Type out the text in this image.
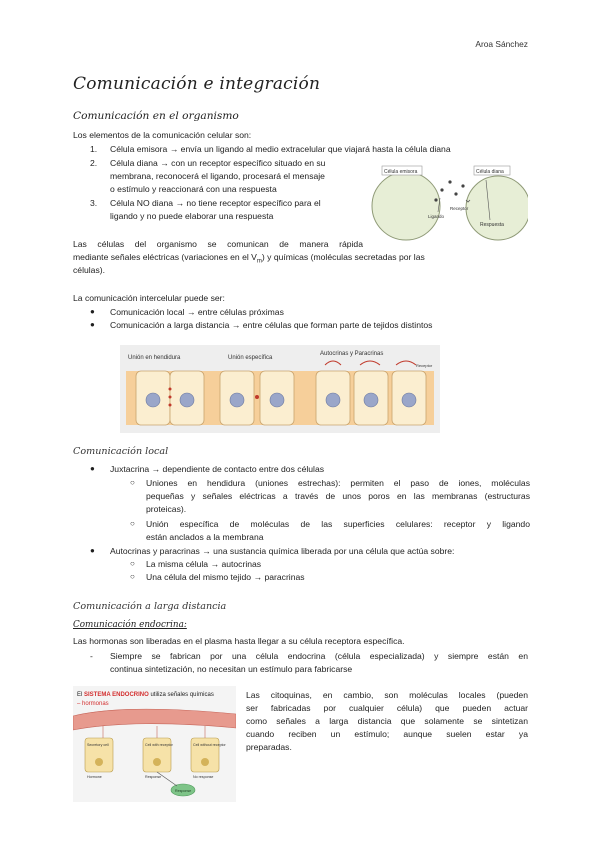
Aroa Sánchez
Comunicación e integración
Comunicación en el organismo
Los elementos de la comunicación celular son:
1. Célula emisora → envía un ligando al medio extracelular que viajará hasta la célula diana
2. Célula diana → con un receptor específico situado en su
membrana, reconocerá el ligando, procesará el mensaje
o estímulo y reaccionará con una respuesta
3. Célula NO diana → no tiene receptor específico para el
ligando y no puede elaborar una respuesta
Célula emisora	Célula diana
Ligando
Receptor
Respuesta
Las células del organismo se comunican de manera rápida
mediante señales eléctricas (variaciones en el $V_m$) y químicas (moléculas secretadas por las
células).
La comunicación intercelular puede ser:
● Comunicación local → entre células próximas
● Comunicación a larga distancia → entre células que forman parte de tejidos distintos
Unión en hendidura	Unión específica
Autocrinas y Paracrinas
Receptor
Comunicación local
● Juxtacrina → dependiente de contacto entre dos células
○ Uniones en hendidura (uniones estrechas): permiten el paso de iones, moléculas
pequeñas y señales eléctricas a través de unos poros en las membranas (estructuras
proteicas).
○ Unión específica de moléculas de las superficies celulares: receptor y ligando
están anclados a la membrana
● Autocrinas y paracrinas → una sustancia química liberada por una célula que actúa sobre:
○ La misma célula → autocrinas
○ Una célula del mismo tejido → paracrinas
Comunicación a larga distancia
Comunicación endocrina:
Las hormonas son liberadas en el plasma hasta llegar a su célula receptora específica.
- Siempre se fabrican por una célula endocrina (célula especializada) y siempre están en
continua sintetización, no necesitan un estímulo para fabricarse
El SISTEMA ENDOCRINO utiliza señales químicas
– hormonas
Secretory cell	Cell with receptor	Cell without receptor
Hormone	Response	No response
Response
Las citoquinas, en cambio, son moléculas locales (pueden
ser fabricadas por cualquier célula) que pueden actuar
como señales a larga distancia que solamente se sintetizan
cuando reciben un estímulo; aunque suelen estar ya
preparadas.
